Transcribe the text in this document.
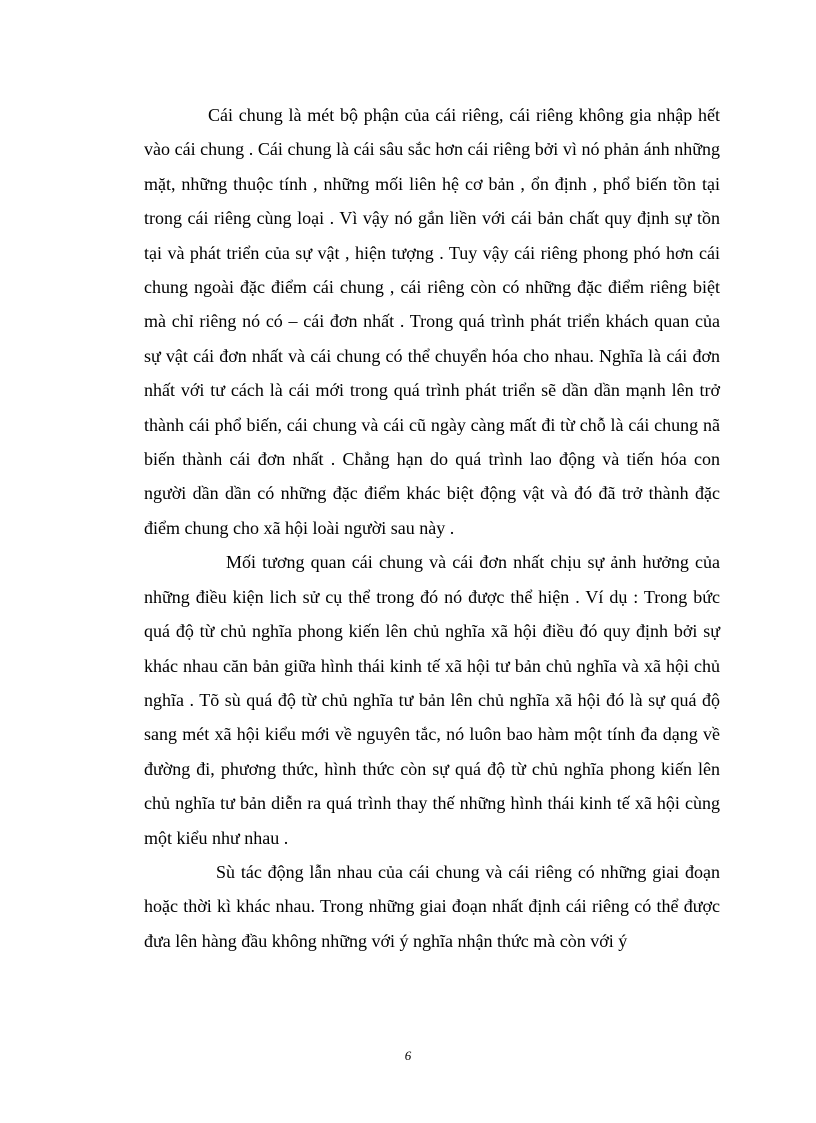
Cái chung là mét bộ phận của cái riêng, cái riêng không gia nhập hết vào cái chung . Cái chung là cái sâu sắc hơn cái riêng bởi vì nó phản ánh những mặt, những thuộc tính , những mối liên hệ cơ bản , ổn định , phổ biến tồn tại trong cái riêng cùng loại . Vì vậy nó gắn liền với cái bản chất quy định sự tồn tại và phát triển của sự vật , hiện tượng . Tuy vậy cái riêng phong phó hơn cái chung ngoài đặc điểm cái chung , cái riêng còn có những đặc điểm riêng biệt mà chỉ riêng nó có – cái đơn nhất . Trong quá trình phát triển khách quan của sự vật cái đơn nhất và cái chung có thể chuyển hóa cho nhau. Nghĩa là cái đơn nhất với tư cách là cái mới trong quá trình phát triển sẽ dần dần mạnh lên trở thành cái phổ biến, cái chung và cái cũ ngày càng mất đi từ chỗ là cái chung nã biến thành cái đơn nhất . Chẳng hạn do quá trình lao động và tiến hóa con người dần dần có những đặc điểm khác biệt động vật và đó đã trở thành đặc điểm chung cho xã hội loài người sau này .

Mối tương quan cái chung và cái đơn nhất chịu sự ảnh hưởng của những điều kiện lich sử cụ thể trong đó nó được thể hiện . Ví dụ : Trong bức quá độ từ chủ nghĩa phong kiến lên chủ nghĩa xã hội điều đó quy định bởi sự khác nhau căn bản giữa hình thái kinh tế xã hội tư bản chủ nghĩa và xã hội chủ nghĩa . Tõ sù quá độ từ chủ nghĩa tư bản lên chủ nghĩa xã hội đó là sự quá độ sang mét xã hội kiểu mới về nguyên tắc, nó luôn bao hàm một tính đa dạng về đường đi, phương thức, hình thức còn sự quá độ từ chủ nghĩa phong kiến lên chủ nghĩa tư bản diễn ra quá trình thay thế những hình thái kinh tế xã hội cùng một kiểu như nhau .

Sù tác động lẫn nhau của cái chung và cái riêng có những giai đoạn hoặc thời kì khác nhau. Trong những giai đoạn nhất định cái riêng có thể được đưa lên hàng đầu không những với ý nghĩa nhận thức mà còn với ý

6
